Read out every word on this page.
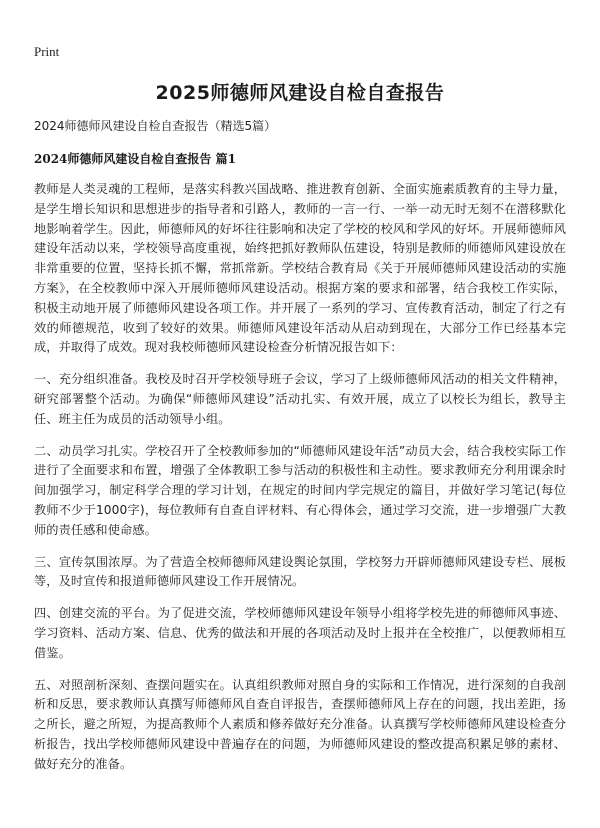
Print
2025师德师风建设自检自查报告

2024师德师风建设自检自查报告（精选5篇）

2024师德师风建设自检自查报告 篇1

教师是人类灵魂的工程师，是落实科教兴国战略、推进教育创新、全面实施素质教育的主导力量，是学生增长知识和思想进步的指导者和引路人，教师的一言一行、一举一动无时无刻不在潜移默化地影响着学生。因此，师德师风的好坏往往影响和决定了学校的校风和学风的好坏。开展师德师风建设年活动以来，学校领导高度重视，始终把抓好教师队伍建设，特别是教师的师德师风建设放在非常重要的位置，坚持长抓不懈，常抓常新。学校结合教育局《关于开展师德师风建设活动的实施方案》，在全校教师中深入开展师德师风建设活动。根据方案的要求和部署，结合我校工作实际，积极主动地开展了师德师风建设各项工作。并开展了一系列的学习、宣传教育活动，制定了行之有效的师德规范，收到了较好的效果。师德师风建设年活动从启动到现在，大部分工作已经基本完成，并取得了成效。现对我校师德师风建设检查分析情况报告如下：

一、充分组织准备。我校及时召开学校领导班子会议，学习了上级师德师风活动的相关文件精神，研究部署整个活动。为确保“师德师风建设”活动扎实、有效开展，成立了以校长为组长，教导主任、班主任为成员的活动领导小组。

二、动员学习扎实。学校召开了全校教师参加的“师德师风建设年活”动员大会，结合我校实际工作进行了全面要求和布置，增强了全体教职工参与活动的积极性和主动性。要求教师充分利用课余时间加强学习，制定科学合理的学习计划，在规定的时间内学完规定的篇目，并做好学习笔记(每位教师不少于1000字)，每位教师有自查自评材料、有心得体会，通过学习交流，进一步增强广大教师的责任感和使命感。

三、宣传氛围浓厚。为了营造全校师德师风建设舆论氛围，学校努力开辟师德师风建设专栏、展板等，及时宣传和报道师德师风建设工作开展情况。

四、创建交流的平台。为了促进交流，学校师德师风建设年领导小组将学校先进的师德师风事迹、学习资料、活动方案、信息、优秀的做法和开展的各项活动及时上报并在全校推广，以便教师相互借鉴。

五、对照剖析深刻、查摆问题实在。认真组织教师对照自身的实际和工作情况，进行深刻的自我剖析和反思，要求教师认真撰写师德师风自查自评报告，查摆师德师风上存在的问题，找出差距，扬之所长，避之所短，为提高教师个人素质和修养做好充分准备。认真撰写学校师德师风建设检查分析报告，找出学校师德师风建设中普遍存在的问题，为师德师风建设的整改提高积累足够的素材、做好充分的准备。
